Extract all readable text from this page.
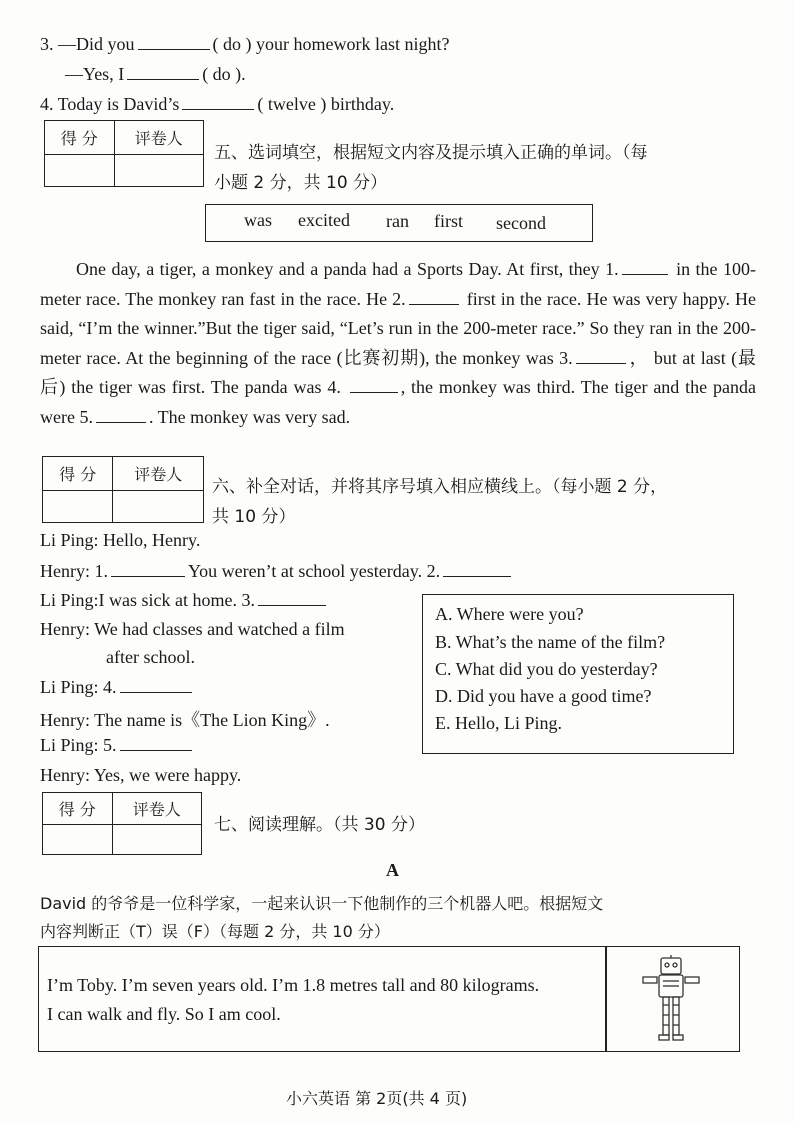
3. —Did you	( do ) your homework last night?
—Yes, I	( do ).
4. Today is David’s	( twelve ) birthday.
得 分	评卷人

五、选词填空，根据短文内容及提示填入正确的单词。（每
小题 2 分，共 10 分）
was excited ran first second
One day, a tiger, a monkey and a panda had a Sports Day. At first, they 1.	in the 100-meter race. The monkey ran fast in the race. He 2.	first in the race. He was very happy. He said, “I’m the winner.”But the tiger said, “Let’s run in the 200-meter race.” So they ran in the 200-meter race. At the beginning of the race (比赛初期), the monkey was 3.	， but at last (最后) the tiger was first. The panda was 4.	, the monkey was third. The tiger and the panda were 5.	. The monkey was very sad.
得 分	评卷人

六、补全对话，并将其序号填入相应横线上。（每小题 2 分，
共 10 分）
Li Ping: Hello, Henry.
Henry: 1.	You weren’t at school yesterday. 2.
Li Ping:I was sick at home. 3.
Henry: We had classes and watched a film
after school.
Li Ping: 4.
Henry: The name is《The Lion King》.
Li Ping: 5.
Henry: Yes, we were happy.
A. Where were you?
B. What’s the name of the film?
C. What did you do yesterday?
D. Did you have a good time?
E. Hello, Li Ping.
得 分	评卷人

七、阅读理解。（共 30 分）
A
David 的爷爷是一位科学家，一起来认识一下他制作的三个机器人吧。根据短文
内容判断正（T）误（F）（每题 2 分，共 10 分）
I’m Toby. I’m seven years old. I’m 1.8 metres tall and 80 kilograms.
I can walk and fly. So I am cool.
小六英语 第 2页(共 4 页)
